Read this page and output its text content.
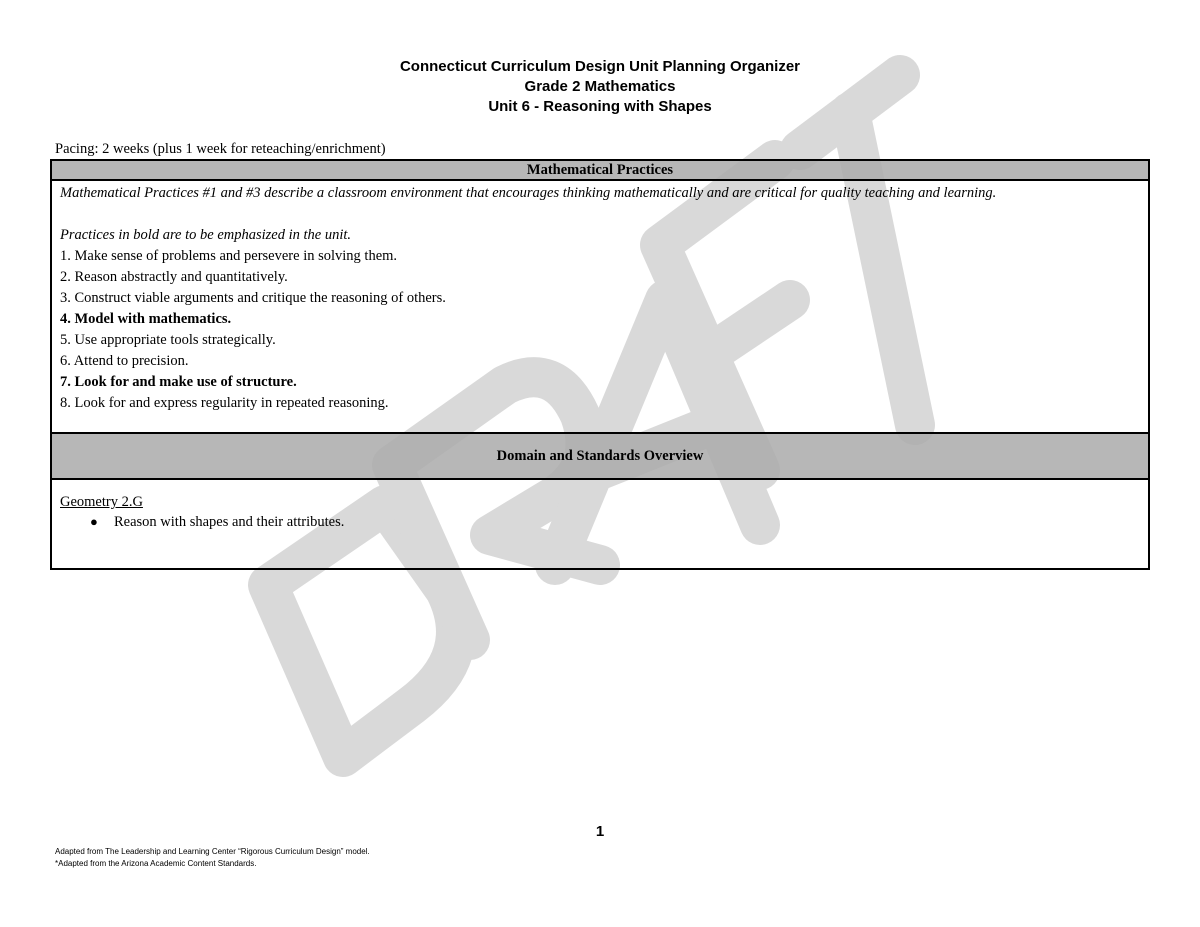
Connecticut Curriculum Design Unit Planning Organizer
Grade 2 Mathematics
Unit 6 - Reasoning with Shapes
Pacing: 2 weeks (plus 1 week for reteaching/enrichment)
Mathematical Practices

Mathematical Practices #1 and #3 describe a classroom environment that encourages thinking mathematically and are critical for quality teaching and learning.

Practices in bold are to be emphasized in the unit.

1. Make sense of problems and persevere in solving them.

2. Reason abstractly and quantitatively.

3. Construct viable arguments and critique the reasoning of others.

4. Model with mathematics.

5. Use appropriate tools strategically.

6. Attend to precision.

7. Look for and make use of structure.

8. Look for and express regularity in repeated reasoning.

Domain and Standards Overview

Geometry 2.G
● Reason with shapes and their attributes.
1
Adapted from The Leadership and Learning Center “Rigorous Curriculum Design” model.
*Adapted from the Arizona Academic Content Standards.
